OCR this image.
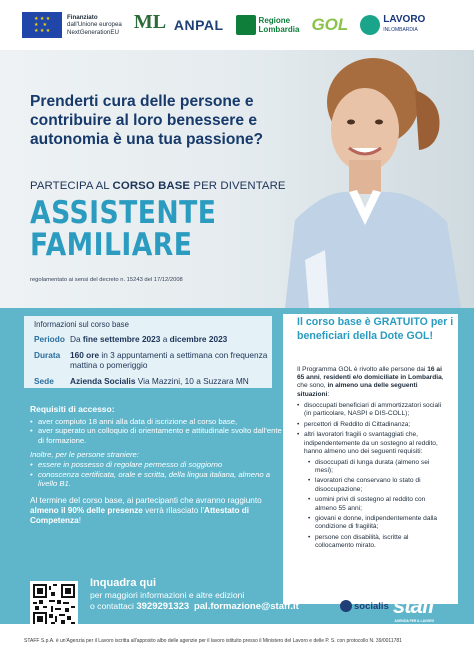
★ ★ ★ ★ ★ ★ ★ ★
Finanziato
dall'Unione europea
NextGenerationEU ML ANPAL	Regione
Lombardia GOL	LAVORO
INLOMBARDIA
Prenderti cura delle persone e contribuire al loro benessere e autonomia è una tua passione?
PARTECIPA AL CORSO BASE PER DIVENTARE
ASSISTENTE
FAMILIARE
regolamentato ai sensi del decreto n. 15243 del 17/12/2008
Informazioni sul corso base
Periodo Da fine settembre 2023 a dicembre 2023
Durata	160 ore in 3 appuntamenti a settimana con frequenza mattina o pomeriggio
Sede	Azienda Socialis Via Mazzini, 10 a Suzzara MN
Requisiti di accesso:
• aver compiuto 18 anni alla data di iscrizione al corso base,
• aver superato un colloquio di orientamento e attitudinale svolto dall'ente di formazione.
Inoltre, per le persone straniere:
• essere in possesso di regolare permesso di soggiorno
• conoscenza certificata, orale e scritta, della lingua italiana, almeno a livello B1.
Al termine del corso base, ai partecipanti che avranno raggiunto almeno il 90% delle presenze verrà rilasciato l'Attestato di Competenza!
Il corso base è GRATUITO per i beneficiari della Dote GOL!
Il Programma GOL è rivolto alle persone dai 16 ai 65 anni, residenti e/o domiciliate in Lombardia, che sono, in almeno una delle seguenti situazioni:
• disoccupati beneficiari di ammortizzatori sociali (in particolare, NASPI e DIS-COLL);
• percettori di Reddito di Cittadinanza;
• altri lavoratori fragili o svantaggiati che, indipendentemente da un sostegno al reddito, hanno almeno uno dei seguenti requisiti:
• disoccupati di lunga durata (almeno sei mesi);
• lavoratori che conservano lo stato di disoccupazione;
• uomini privi di sostegno al reddito con almeno 55 anni;
• giovani e donne, indipendentemente dalla condizione di fragilità;
• persone con disabilità, iscritte al collocamento mirato.
Inquadra qui
per maggiori informazioni e altre edizioni
o contattaci 3929291323 pal.formazione@staff.it	socialis staff
AGENZIA PER IL LAVORO
STAFF S.p.A. è un'Agenzia per il Lavoro iscritta all'apposito albo delle agenzie per il lavoro istituito presso il Ministero del Lavoro e delle P. S. con protocollo N. 39/0011781
